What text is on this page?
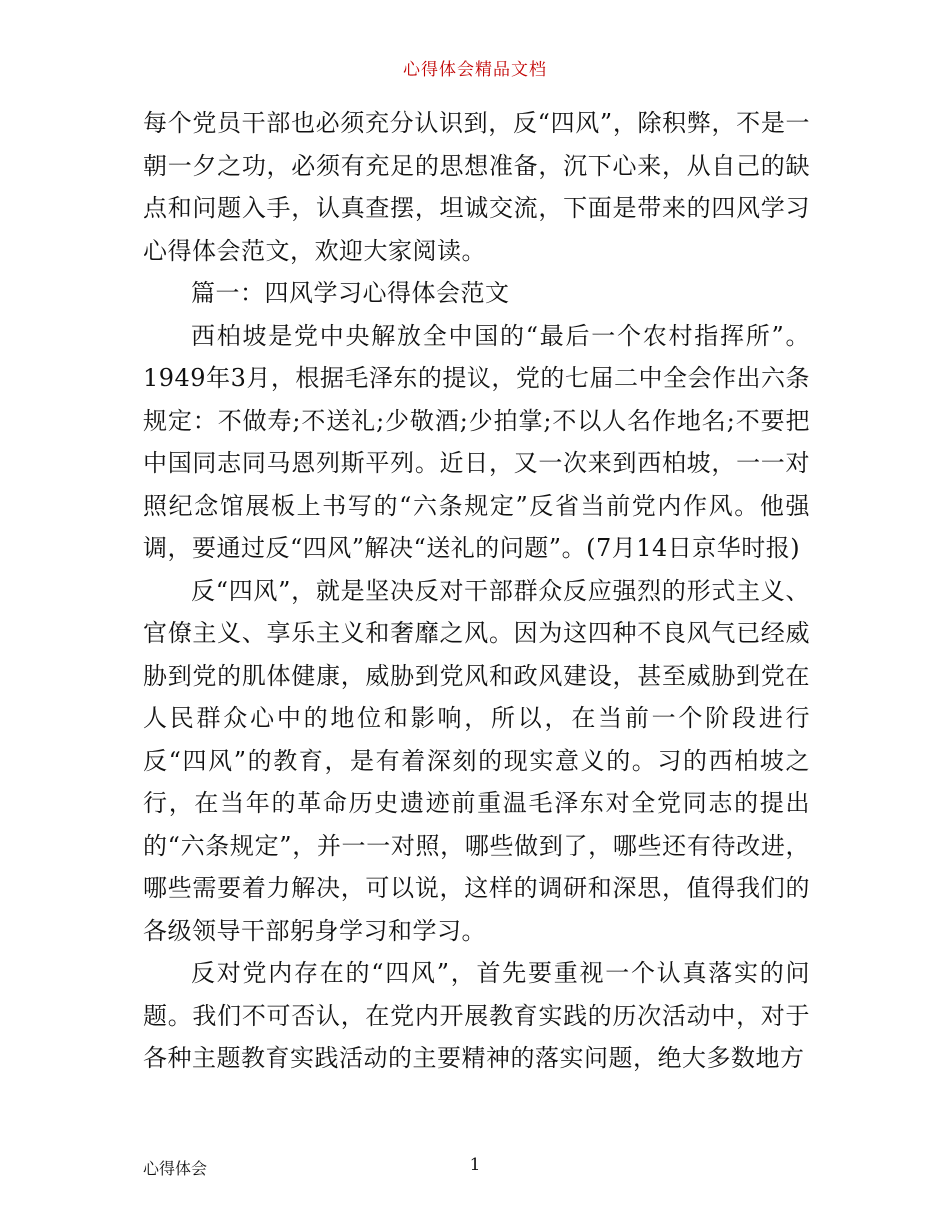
心得体会精品文档

每个党员干部也必须充分认识到，反“四风”，除积弊，不是一朝一夕之功，必须有充足的思想准备，沉下心来，从自己的缺点和问题入手，认真查摆，坦诚交流，下面是带来的四风学习心得体会范文，欢迎大家阅读。

篇一：四风学习心得体会范文

西柏坡是党中央解放全中国的“最后一个农村指挥所”。1949年3月，根据毛泽东的提议，党的七届二中全会作出六条规定：不做寿;不送礼;少敬酒;少拍掌;不以人名作地名;不要把中国同志同马恩列斯平列。近日，又一次来到西柏坡，一一对照纪念馆展板上书写的“六条规定”反省当前党内作风。他强调，要通过反“四风”解决“送礼的问题”。(7月14日京华时报)

反“四风”，就是坚决反对干部群众反应强烈的形式主义、官僚主义、享乐主义和奢靡之风。因为这四种不良风气已经威胁到党的肌体健康，威胁到党风和政风建设，甚至威胁到党在人民群众心中的地位和影响，所以，在当前一个阶段进行反“四风”的教育，是有着深刻的现实意义的。习的西柏坡之行，在当年的革命历史遗迹前重温毛泽东对全党同志的提出的“六条规定”，并一一对照，哪些做到了，哪些还有待改进，哪些需要着力解决，可以说，这样的调研和深思，值得我们的各级领导干部躬身学习和学习。

反对党内存在的“四风”，首先要重视一个认真落实的问题。我们不可否认，在党内开展教育实践的历次活动中，对于各种主题教育实践活动的主要精神的落实问题，绝大多数地方

心得体会	1
